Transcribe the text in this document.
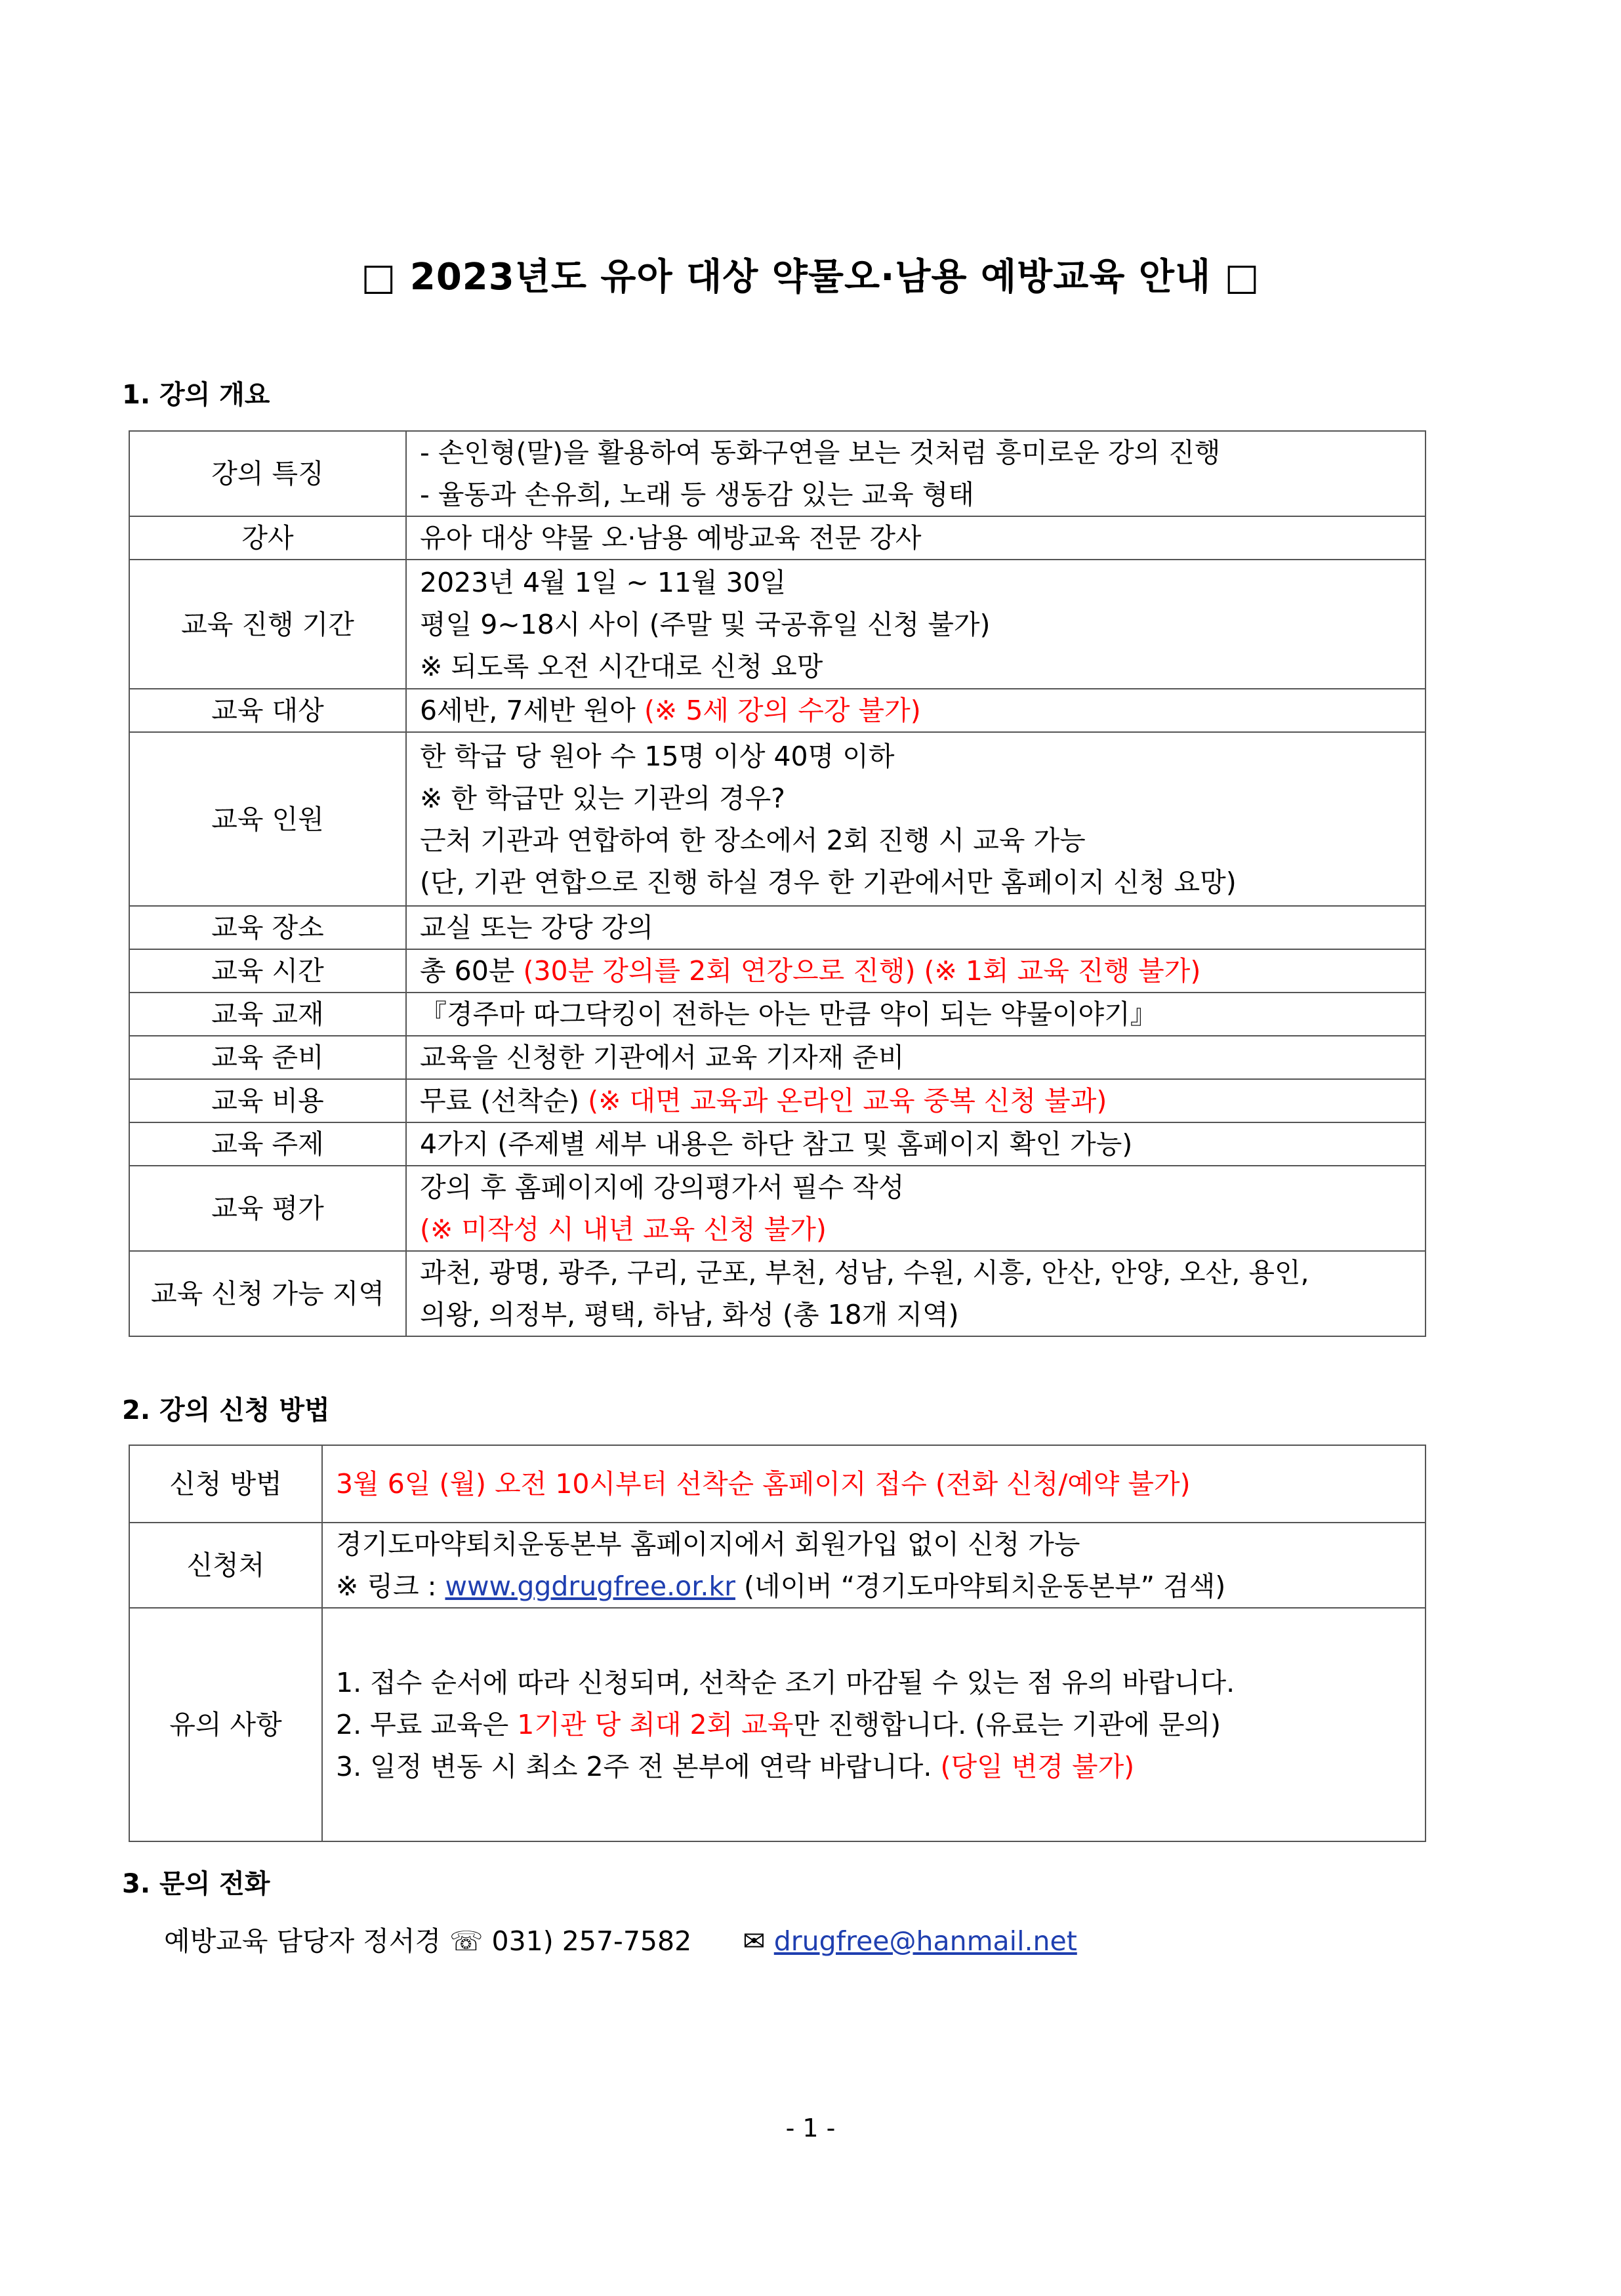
□ 2023년도 유아 대상 약물오·남용 예방교육 안내 □
1. 강의 개요
강의 특징	- 손인형(말)을 활용하여 동화구연을 보는 것처럼 흥미로운 강의 진행
- 율동과 손유희, 노래 등 생동감 있는 교육 형태

강사	유아 대상 약물 오·남용 예방교육 전문 강사
교육 진행 기간	2023년 4월 1일 ~ 11월 30일
평일 9~18시 사이 (주말 및 국공휴일 신청 불가)
※ 되도록 오전 시간대로 신청 요망

교육 대상	6세반, 7세반 원아 (※ 5세 강의 수강 불가)
교육 인원	한 학급 당 원아 수 15명 이상 40명 이하
※ 한 학급만 있는 기관의 경우?
근처 기관과 연합하여 한 장소에서 2회 진행 시 교육 가능
(단, 기관 연합으로 진행 하실 경우 한 기관에서만 홈페이지 신청 요망)

교육 장소	교실 또는 강당 강의
교육 시간	총 60분 (30분 강의를 2회 연강으로 진행) (※ 1회 교육 진행 불가)
교육 교재	『경주마 따그닥킹이 전하는 아는 만큼 약이 되는 약물이야기』
교육 준비	교육을 신청한 기관에서 교육 기자재 준비
교육 비용	무료 (선착순) (※ 대면 교육과 온라인 교육 중복 신청 불과)
교육 주제	4가지 (주제별 세부 내용은 하단 참고 및 홈페이지 확인 가능)
교육 평가	강의 후 홈페이지에 강의평가서 필수 작성
(※ 미작성 시 내년 교육 신청 불가)

교육 신청 가능 지역	과천, 광명, 광주, 구리, 군포, 부천, 성남, 수원, 시흥, 안산, 안양, 오산, 용인,
의왕, 의정부, 평택, 하남, 화성 (총 18개 지역)
2. 강의 신청 방법
신청 방법	3월 6일 (월) 오전 10시부터 선착순 홈페이지 접수 (전화 신청/예약 불가)
신청처	경기도마약퇴치운동본부 홈페이지에서 회원가입 없이 신청 가능
※ 링크 : www.ggdrugfree.or.kr (네이버 “경기도마약퇴치운동본부” 검색)

유의 사항	1. 접수 순서에 따라 신청되며, 선착순 조기 마감될 수 있는 점 유의 바랍니다.
2. 무료 교육은 1기관 당 최대 2회 교육만 진행합니다. (유료는 기관에 문의)
3. 일정 변동 시 최소 2주 전 본부에 연락 바랍니다. (당일 변경 불가)
3. 문의 전화
예방교육 담당자 정서경 ☏ 031) 257-7582 ✉ drugfree@hanmail.net
- 1 -
